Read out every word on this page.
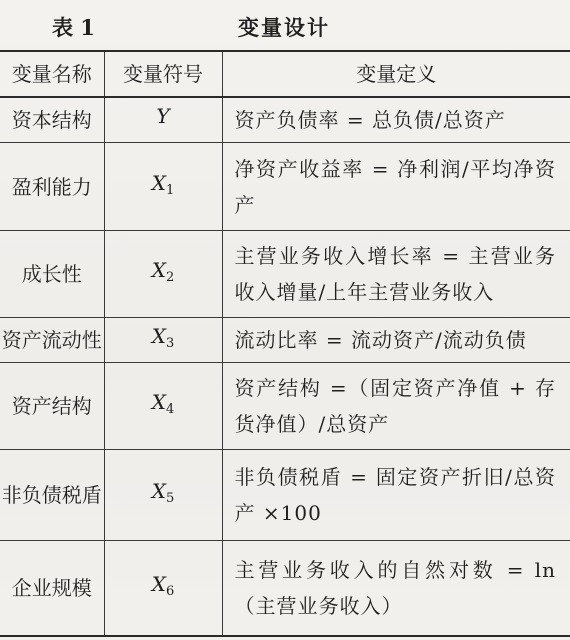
表 1	变量设计
变量名称	变量符号	变量定义
资本结构	Y	资产负债率 = 总负债/总资产
盈利能力	$X_1$	净资产收益率 = 净利润/平均净资产
成长性	$X_2$	主营业务收入增长率 = 主营业务收入增量/上年主营业务收入
资产流动性	$X_3$	流动比率 = 流动资产/流动负债
资产结构	$X_4$	资产结构 =（固定资产净值 + 存货净值）/总资产
非负债税盾	$X_5$	非负债税盾 = 固定资产折旧/总资产 ×100
企业规模	$X_6$	主营业务收入的自然对数 = ln（主营业务收入）
